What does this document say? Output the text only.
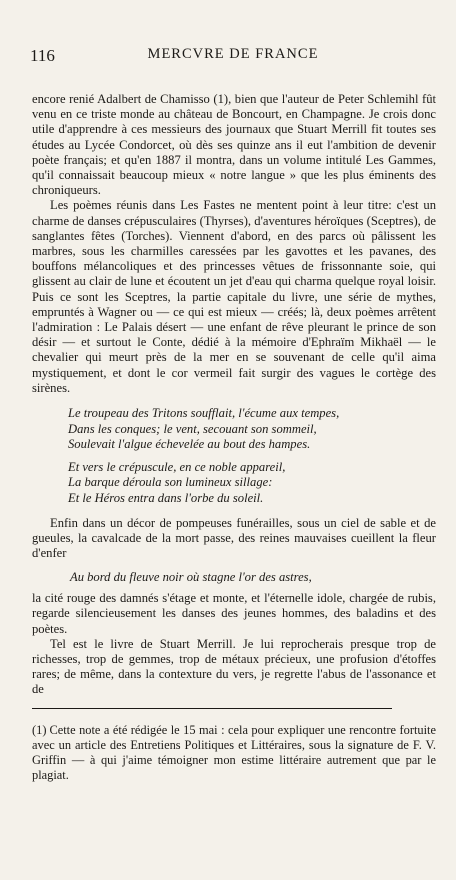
116	MERCVRE DE FRANCE

encore renié Adalbert de Chamisso (1), bien que l'auteur de Peter Schlemihl fût venu en ce triste monde au château de Boncourt, en Champagne. Je crois donc utile d'apprendre à ces messieurs des journaux que Stuart Merrill fit toutes ses études au Lycée Condorcet, où dès ses quinze ans il eut l'ambition de devenir poète français; et qu'en 1887 il montra, dans un volume intitulé Les Gammes, qu'il connaissait beaucoup mieux « notre langue » que les plus éminents des chroniqueurs.

Les poèmes réunis dans Les Fastes ne mentent point à leur titre: c'est un charme de danses crépusculaires (Thyrses), d'aventures héroïques (Sceptres), de sanglantes fêtes (Torches). Viennent d'abord, en des parcs où pâlissent les marbres, sous les charmilles caressées par les gavottes et les pavanes, des bouffons mélancoliques et des princesses vêtues de frissonnante soie, qui glissent au clair de lune et écoutent un jet d'eau qui charma quelque royal loisir. Puis ce sont les Sceptres, la partie capitale du livre, une série de mythes, empruntés à Wagner ou — ce qui est mieux — créés; là, deux poèmes arrêtent l'admiration : Le Palais désert — une enfant de rêve pleurant le prince de son désir — et surtout le Conte, dédié à la mémoire d'Ephraïm Mikhaël — le chevalier qui meurt près de la mer en se souvenant de celle qu'il aima mystiquement, et dont le cor vermeil fait surgir des vagues le cortège des sirènes.

Le troupeau des Tritons soufflait, l'écume aux tempes,
Dans les conques; le vent, secouant son sommeil,
Soulevait l'algue échevelée au bout des hampes.
Et vers le crépuscule, en ce noble appareil,
La barque déroula son lumineux sillage:
Et le Héros entra dans l'orbe du soleil.

Enfin dans un décor de pompeuses funérailles, sous un ciel de sable et de gueules, la cavalcade de la mort passe, des reines mauvaises cueillent la fleur d'enfer

Au bord du fleuve noir où stagne l'or des astres,

la cité rouge des damnés s'étage et monte, et l'éternelle idole, chargée de rubis, regarde silencieusement les danses des jeunes hommes, des baladins et des poètes.

Tel est le livre de Stuart Merrill. Je lui reprocherais presque trop de richesses, trop de gemmes, trop de métaux précieux, une profusion d'étoffes rares; de même, dans la contexture du vers, je regrette l'abus de l'assonance et de

(1) Cette note a été rédigée le 15 mai : cela pour expliquer une rencontre fortuite avec un article des Entretiens Politiques et Littéraires, sous la signature de F. V. Griffin — à qui j'aime témoigner mon estime littéraire autrement que par le plagiat.
